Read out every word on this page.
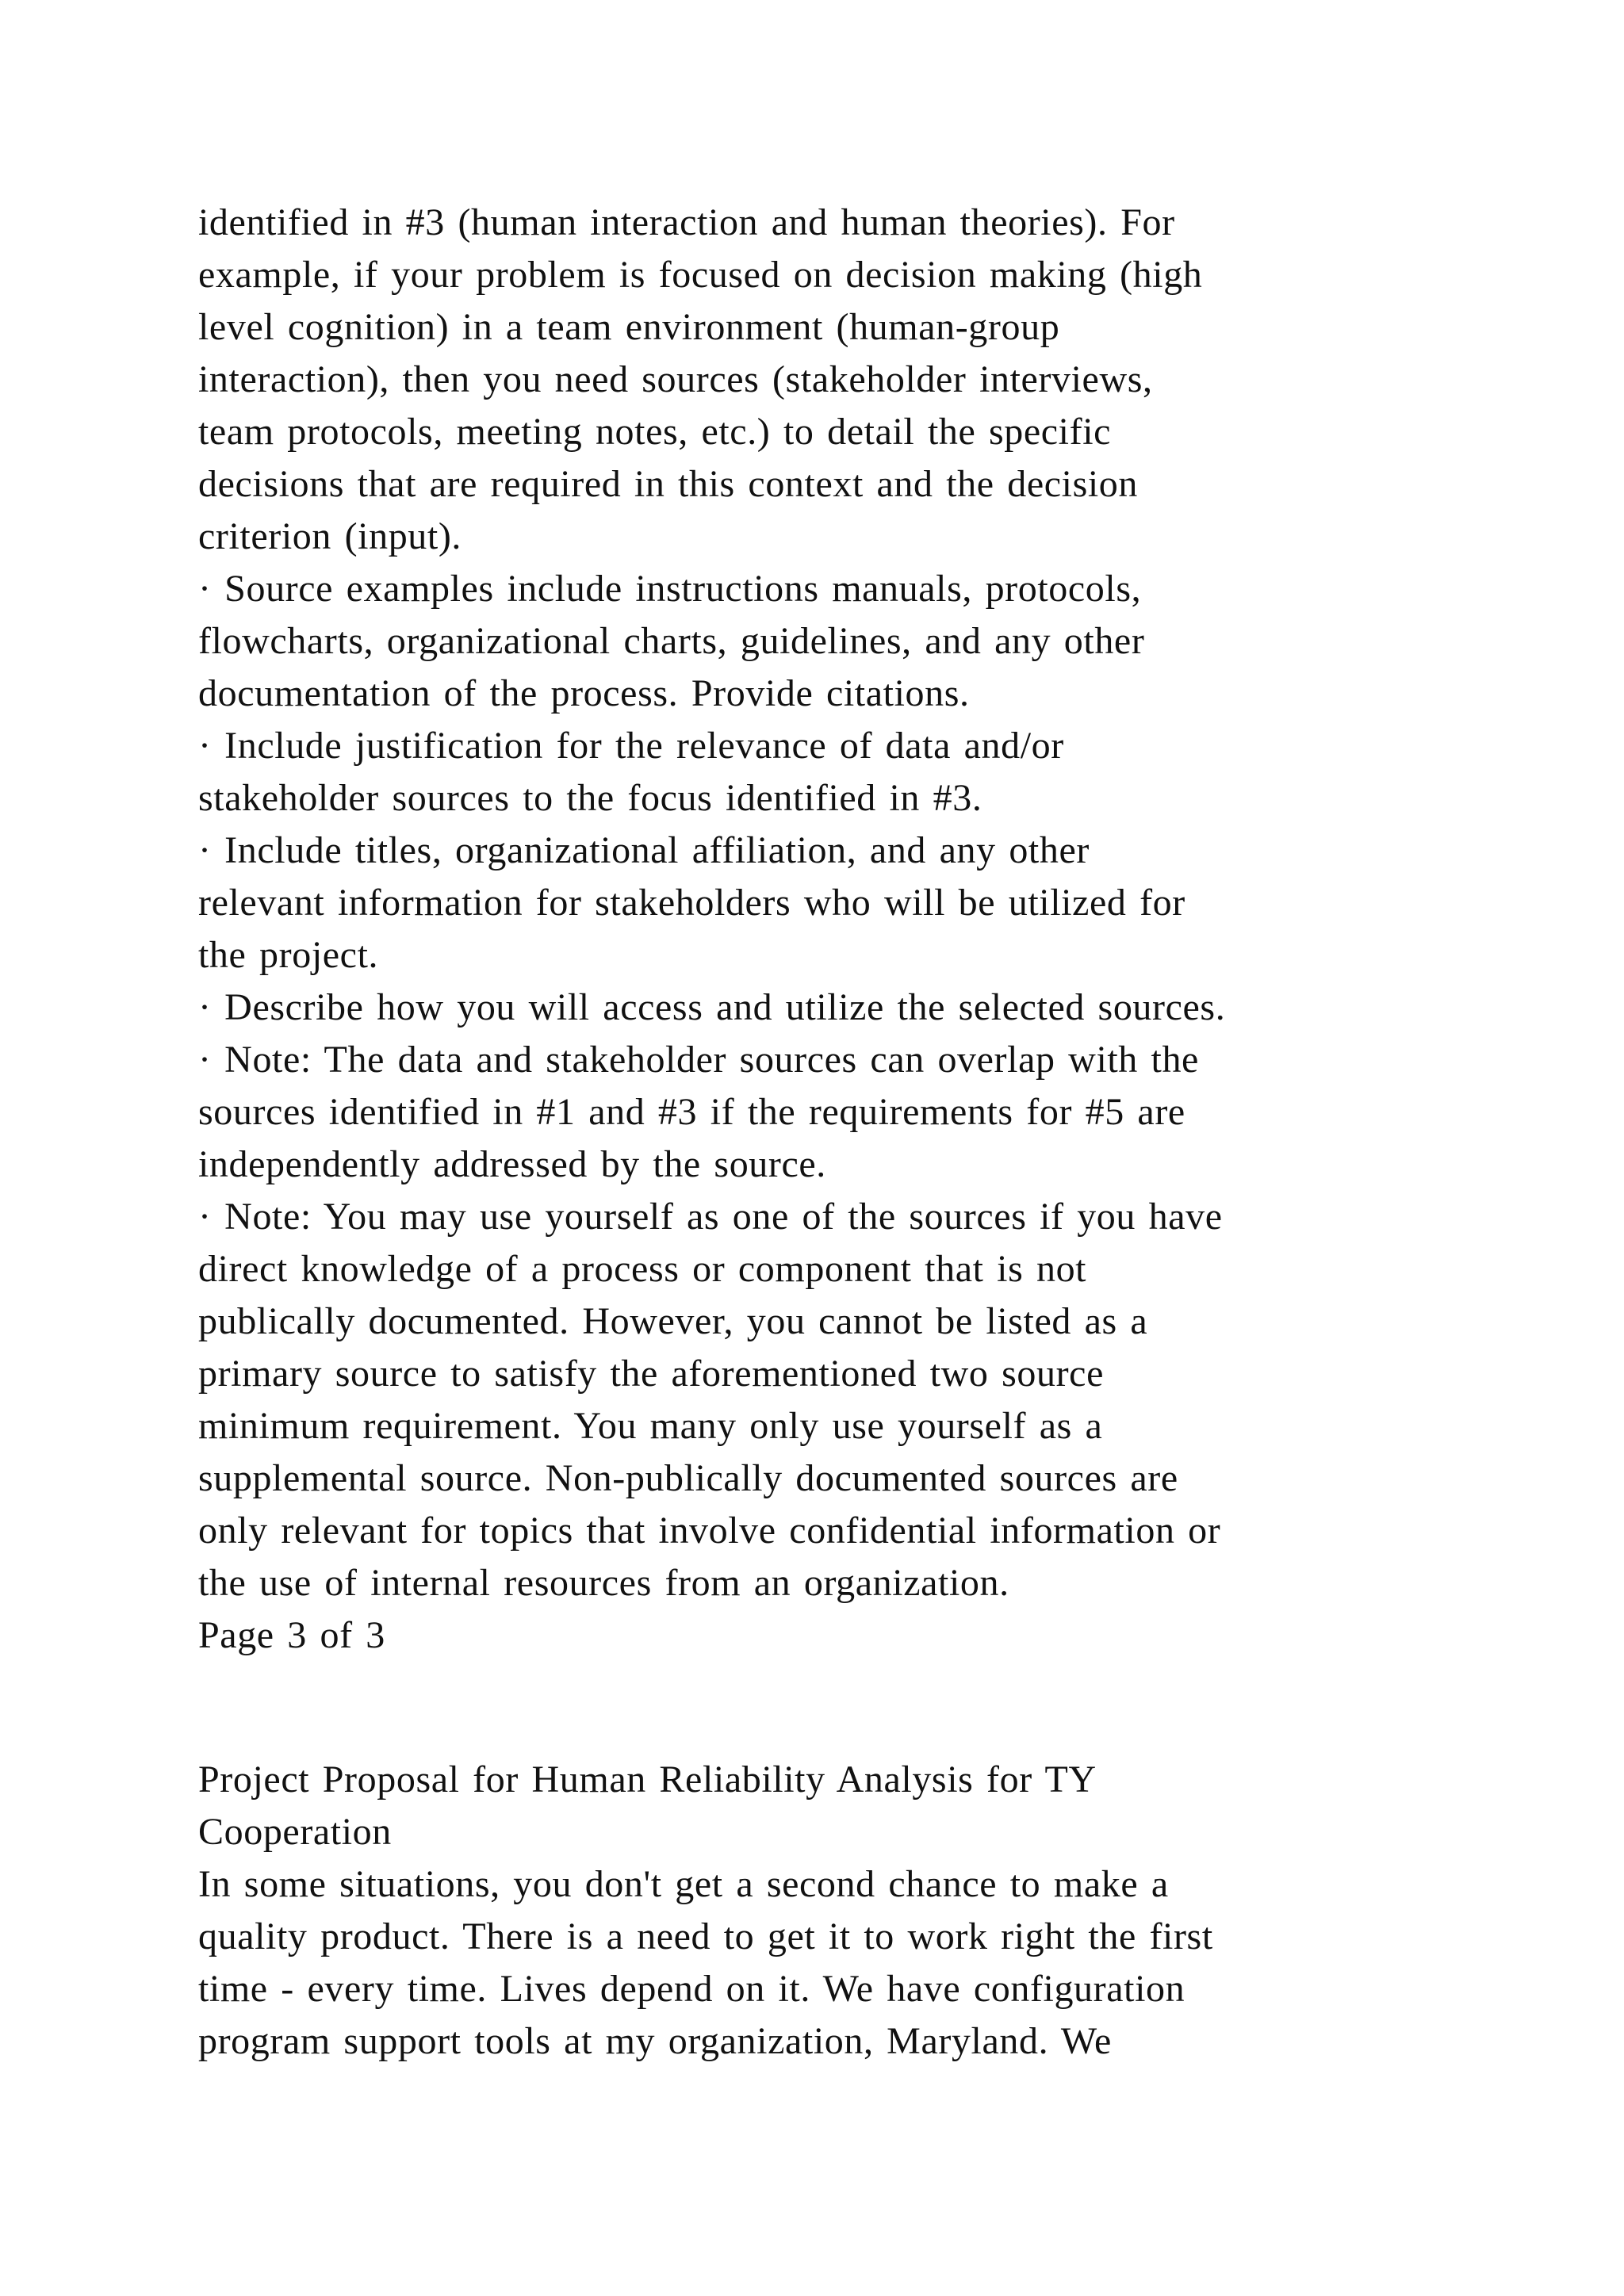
identified in #3 (human interaction and human theories). For
example, if your problem is focused on decision making (high
level cognition) in a team environment (human-group
interaction), then you need sources (stakeholder interviews,
team protocols, meeting notes, etc.) to detail the specific
decisions that are required in this context and the decision
criterion (input).
· Source examples include instructions manuals, protocols,
flowcharts, organizational charts, guidelines, and any other
documentation of the process. Provide citations.
· Include justification for the relevance of data and/or
stakeholder sources to the focus identified in #3.
· Include titles, organizational affiliation, and any other
relevant information for stakeholders who will be utilized for
the project.
· Describe how you will access and utilize the selected sources.
· Note: The data and stakeholder sources can overlap with the
sources identified in #1 and #3 if the requirements for #5 are
independently addressed by the source.
· Note: You may use yourself as one of the sources if you have
direct knowledge of a process or component that is not
publically documented. However, you cannot be listed as a
primary source to satisfy the aforementioned two source
minimum requirement. You many only use yourself as a
supplemental source. Non-publically documented sources are
only relevant for topics that involve confidential information or
the use of internal resources from an organization.
Page 3 of 3
Project Proposal for Human Reliability Analysis for TY
Cooperation
In some situations, you don't get a second chance to make a
quality product. There is a need to get it to work right the first
time - every time. Lives depend on it. We have configuration
program support tools at my organization, Maryland. We
